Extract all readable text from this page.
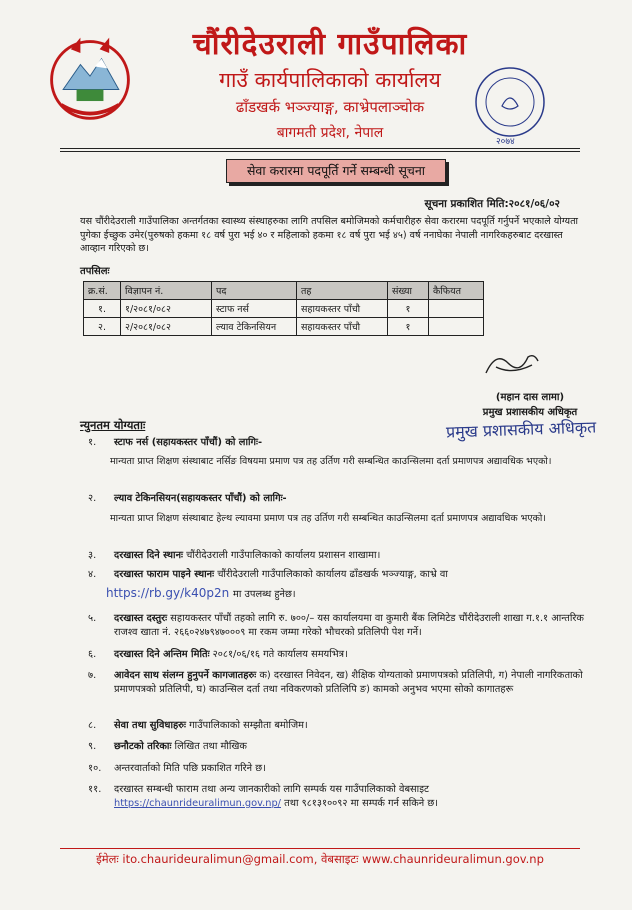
चौंरीदेउराली गाउँपालिका
गाउँ कार्यपालिकाको कार्यालय
ढाँडखर्क भञ्ज्याङ्ग, काभ्रेपलाञ्चोक
बागमती प्रदेश, नेपाल
२०७४
सेवा करारमा पदपूर्ति गर्ने सम्बन्धी सूचना
सूचना प्रकाशित मिति:२०८१/०६/०२
यस चौंरीदेउराली गाउँपालिका अन्तर्गतका स्वास्थ्य संस्थाहरुका लागि तपसिल बमोजिमको कर्मचारीहरु सेवा करारमा पदपूर्ति गर्नुपर्ने भएकाले योग्यता पुगेका ईच्छुक उमेर(पुरुषको हकमा १८ वर्ष पुरा भई ४० र महिलाको हकमा १८ वर्ष पुरा भई ४५) वर्ष ननाघेका नेपाली नागरिकहरुबाट दरखास्त आव्हान गरिएको छ।
तपसिलः
क्र.सं.	विज्ञापन नं.	पद	तह	संख्या	कैफियत
१.	१/२०८१/०८२	स्टाफ नर्स	सहायकस्तर पाँचौ	१	
२.	२/२०८१/०८२	ल्याव टेकिनसियन	सहायकस्तर पाँचौ	१	
(महान दास लामा)
प्रमुख प्रशासकीय अधिकृत
प्रमुख प्रशासकीय अधिकृत
न्युनतम योग्यताः
१.	स्टाफ नर्स (सहायकस्तर पाँचौं) को लागिः-
मान्यता प्राप्त शिक्षण संस्थाबाट नर्सिङ विषयमा प्रमाण पत्र तह उर्तिण गरी सम्बन्धित काउन्सिलमा दर्ता प्रमाणपत्र अद्यावधिक भएको।
२.	ल्याव टेकिनसियन(सहायकस्तर पाँचौं) को लागिः-
मान्यता प्राप्त शिक्षण संस्थाबाट हेल्थ ल्यावमा प्रमाण पत्र तह उर्तिण गरी सम्बन्धित काउन्सिलमा दर्ता प्रमाणपत्र अद्यावधिक भएको।
३.	दरखास्त दिने स्थानः चौंरीदेउराली गाउँपालिकाको कार्यालय प्रशासन शाखामा।
४.	दरखास्त फाराम पाइने स्थानः चौंरीदेउराली गाउँपालिकाको कार्यालय ढाँडखर्क भञ्ज्याङ्ग, काभ्रे वा
https://rb.gy/k40p2n मा उपलब्ध हुनेछ।
५.	दरखास्त दस्तुरः सहायकस्तर पाँचौं तहको लागि रु. ७००/– यस कार्यालयमा वा कुमारी बैंक लिमिटेड चौंरीदेउराली शाखा ग.१.१ आन्तरिक राजश्व खाता नं. २६६०२४७९४७०००९ मा रकम जम्मा गरेको भौचरको प्रतिलिपी पेश गर्ने।
६.	दरखास्त दिने अन्तिम मितिः २०८१/०६/१६ गते कार्यालय समयभित्र।
७.	आवेदन साथ संलग्न हुनुपर्ने कागजातहरुः क) दरखास्त निवेदन, ख) शैक्षिक योग्यताको प्रमाणपत्रको प्रतिलिपी, ग) नेपाली नागरिकताको प्रमाणपत्रको प्रतिलिपी, घ) काउन्सिल दर्ता तथा नविकरणको प्रतिलिपि ङ) कामको अनुभव भएमा सोको कागातहरू
८.	सेवा तथा सुविधाहरुः गाउँपालिकाको सम्झौता बमोजिम।
९.	छनौटको तरिकाः लिखित तथा मौखिक
१०.	अन्तरवार्ताको मिति पछि प्रकाशित गरिने छ।
११.	दरखास्त सम्बन्धी फाराम तथा अन्य जानकारीको लागि सम्पर्क यस गाउँपालिकाको वेबसाइट https://chaunrideuralimun.gov.np/ तथा ९८१३१००९२ मा सम्पर्क गर्न सकिने छ।
ईमेलः ito.chaurideuralimun@gmail.com, वेबसाइटः www.chaunrideuralimun.gov.np
